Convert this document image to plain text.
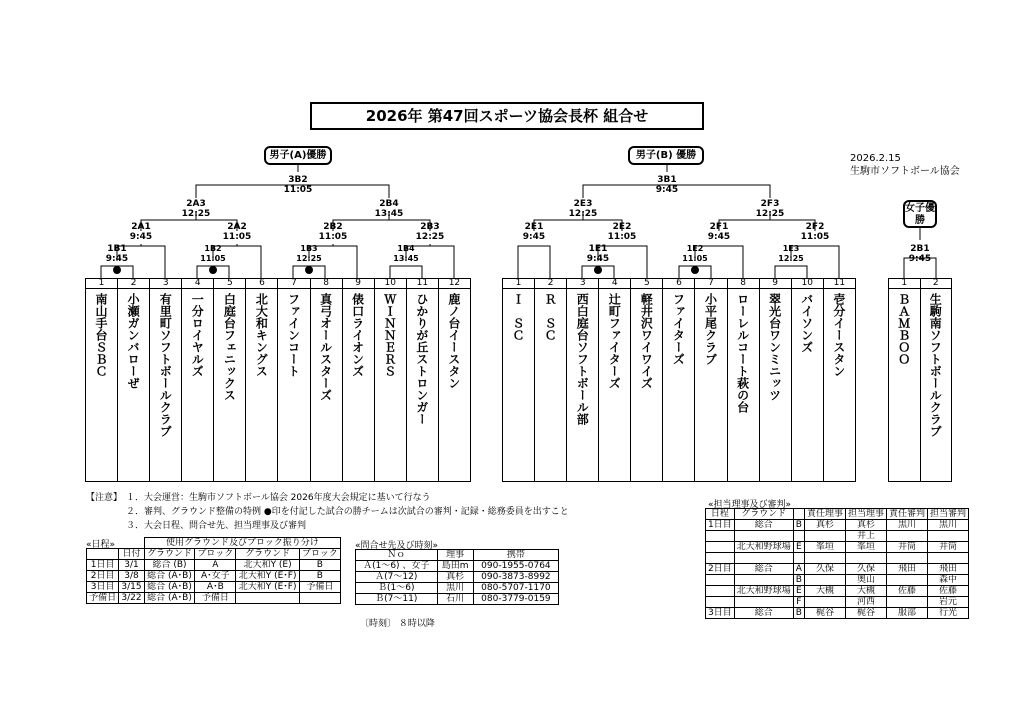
2026年 第47回スポーツ協会長杯 組合せ
2026.2.15
生駒市ソフトボール協会
男子(A)優勝	男子(B) 優勝
女子優勝
3B2
11:05
2A3
12:25
2B4
13:45
2A1
9:45
2A2
11:05
2B2
11:05
2B3
12:25
1B1
9:45
1B2
11:05
1B3
12:25
1B4
13:45
3B1
9:45
2E3
12:25
2F3
12:25
2E1
9:45
2E2
11:05
2F1
9:45
2F2
11:05
1E1
9:45
1E2
11:05
1E3
12:25
2B1
9:45
1	2	3	4	5	6	7	8	9	10	11	12

南山手台ＳＢＣ	小瀬ガンバローぜ	有里町ソフトボールクラブ	一分ロイヤルズ	白庭台フェニックス	北大和キングス	ファインコート	真弓オールスターズ	俵口ライオンズ	ＷＩＮＮＥＲＳ	ひかりが丘ストロンガー	鹿ノ台イースタン
1	2	3	4	5	6	7	8	9	10	11

Ｉ　ＳＣ	Ｒ　ＳＣ	西白庭台ソフトボール部	辻町ファイターズ	軽井沢ワイワイズ	ファイターズ	小平尾クラブ	ローレルコート萩の台	翠光台ワンミニッツ	バイソンズ	壱分イースタン
1	2

ＢＡＭＢＯＯ	生駒南ソフトボールクラブ
【注意】 １．大会運営：生駒市ソフトボール協会 2026年度大会規定に基いて行なう
２．審判、グラウンド整備の特例 ●印を付記した試合の勝チームは次試合の審判・記録・総務委員を出すこと
３．大会日程、問合せ先、担当理事及び審判
«日程»
		使用グラウンド及びブロック振り分け			
	日付	グラウンド	ブロック	グラウンド	ブロック
1日目	3/1	総合 (B)	A	北大和Y (E)	B
2日目	3/8	総合 (A･B)	A･女子	北大和Y (E･F)	B
3日目	3/15	総合 (A･B)	A･B	北大和Y (E･F)	予備日
予備日	3/22	総合 (A･B)	予備日		
«問合せ先及び時刻»
Ｎｏ	理事	携帯
Ａ(1～6) 、女子	島田m	090-1955-0764
Ａ(7～12)	真杉	090-3873-8992
Ｂ(1～6)	黒川	080-5707-1170
Ｂ(7～11)	石川	080-3779-0159
〔時刻〕 ８時以降
«担当理事及び審判»
日程	グラウンド		責任理事	担当理事	責任審判	担当審判
1日目	総合	B	真杉	真杉	黒川	黒川
				井上		
	北大和野球場	E	峯垣	峯垣	井筒	井筒

2日目	総合	A	久保	久保	飛田	飛田
		B		奥山		森中
	北大和野球場	E	大槻	大槻	佐藤	佐藤
		F		河西		岩元
3日目	総合	B	梶谷	梶谷	服部	行光
